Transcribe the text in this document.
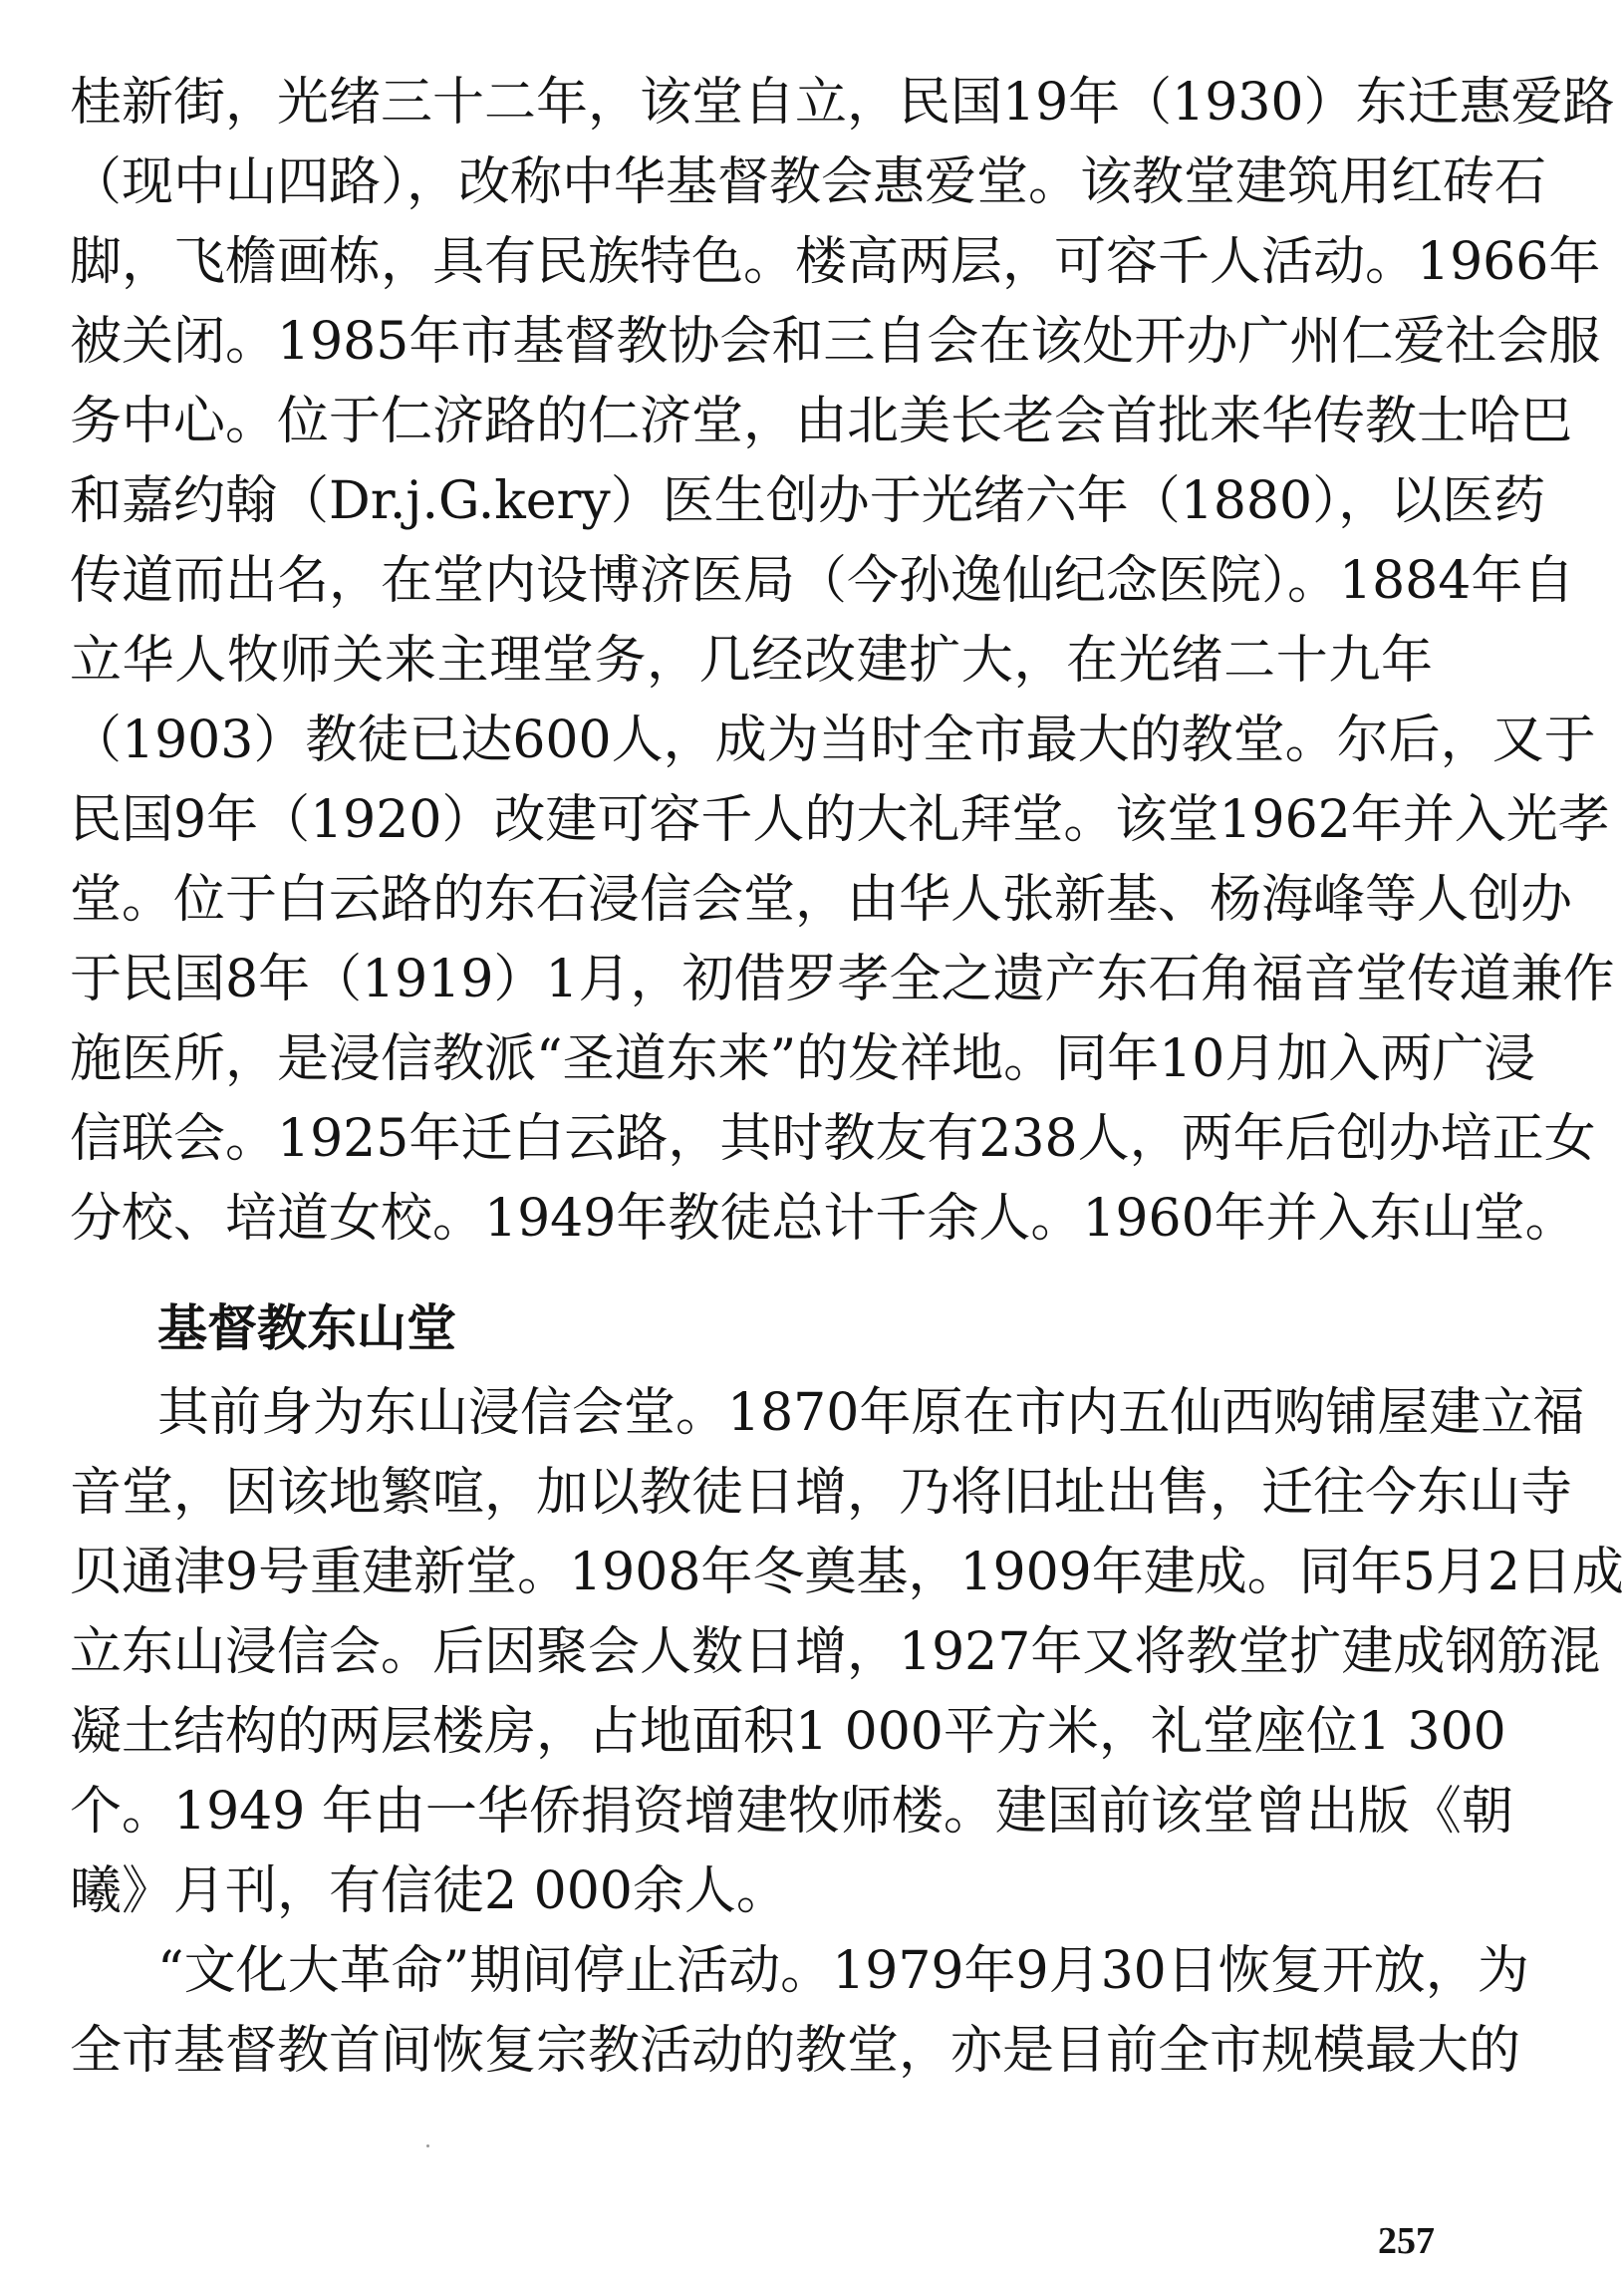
桂新街，光绪三十二年，该堂自立，民国19年（1930）东迁惠爱路
（现中山四路），改称中华基督教会惠爱堂。该教堂建筑用红砖石
脚，飞檐画栋，具有民族特色。楼高两层，可容千人活动。1966年
被关闭。1985年市基督教协会和三自会在该处开办广州仁爱社会服
务中心。位于仁济路的仁济堂，由北美长老会首批来华传教士哈巴
和嘉约翰（Dr.j.G.kery）医生创办于光绪六年（1880），以医药
传道而出名，在堂内设博济医局（今孙逸仙纪念医院）。1884年自
立华人牧师关来主理堂务，几经改建扩大，在光绪二十九年
（1903）教徒已达600人，成为当时全市最大的教堂。尔后，又于
民国9年（1920）改建可容千人的大礼拜堂。该堂1962年并入光孝
堂。位于白云路的东石浸信会堂，由华人张新基、杨海峰等人创办
于民国8年（1919）1月，初借罗孝全之遗产东石角福音堂传道兼作
施医所，是浸信教派“圣道东来”的发祥地。同年10月加入两广浸
信联会。1925年迁白云路，其时教友有238人，两年后创办培正女
分校、培道女校。1949年教徒总计千余人。1960年并入东山堂。
基督教东山堂
其前身为东山浸信会堂。1870年原在市内五仙西购铺屋建立福
音堂，因该地繁喧，加以教徒日增，乃将旧址出售，迁往今东山寺
贝通津9号重建新堂。1908年冬奠基，1909年建成。同年5月2日成
立东山浸信会。后因聚会人数日增，1927年又将教堂扩建成钢筋混
凝土结构的两层楼房，占地面积1 000平方米，礼堂座位1 300
个。1949 年由一华侨捐资增建牧师楼。建国前该堂曾出版《朝
曦》月刊，有信徒2 000余人。
“文化大革命”期间停止活动。1979年9月30日恢复开放，为
全市基督教首间恢复宗教活动的教堂，亦是目前全市规模最大的
257
